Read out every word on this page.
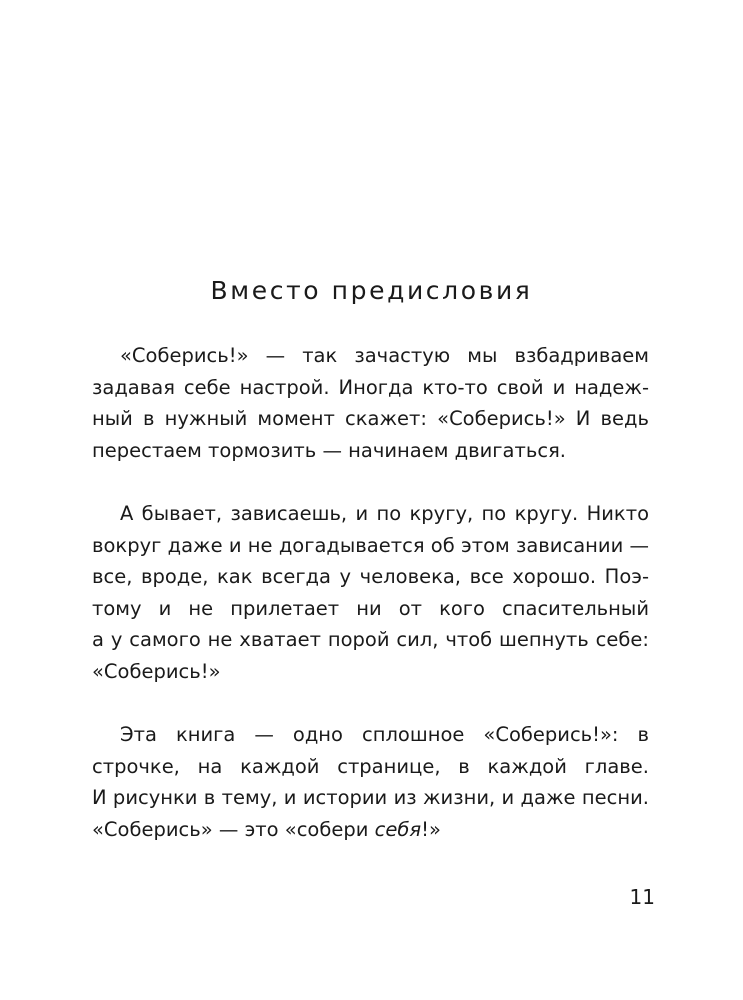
Вместо предисловия
«Соберись!» — так зачастую мы взбадриваем
задавая себе настрой. Иногда кто-то свой и надеж-
ный в нужный момент скажет: «Соберись!» И ведь
перестаем тормозить — начинаем двигаться.
А бывает, зависаешь, и по кругу, по кругу. Никто
вокруг даже и не догадывается об этом зависании —
все, вроде, как всегда у человека, все хорошо. Поэ-
тому и не прилетает ни от кого спасительный
а у самого не хватает порой сил, чтоб шепнуть себе:
«Соберись!»
Эта книга — одно сплошное «Соберись!»: в
строчке, на каждой странице, в каждой главе.
И рисунки в тему, и истории из жизни, и даже песни.
«Соберись» — это «собери себя!»
11
